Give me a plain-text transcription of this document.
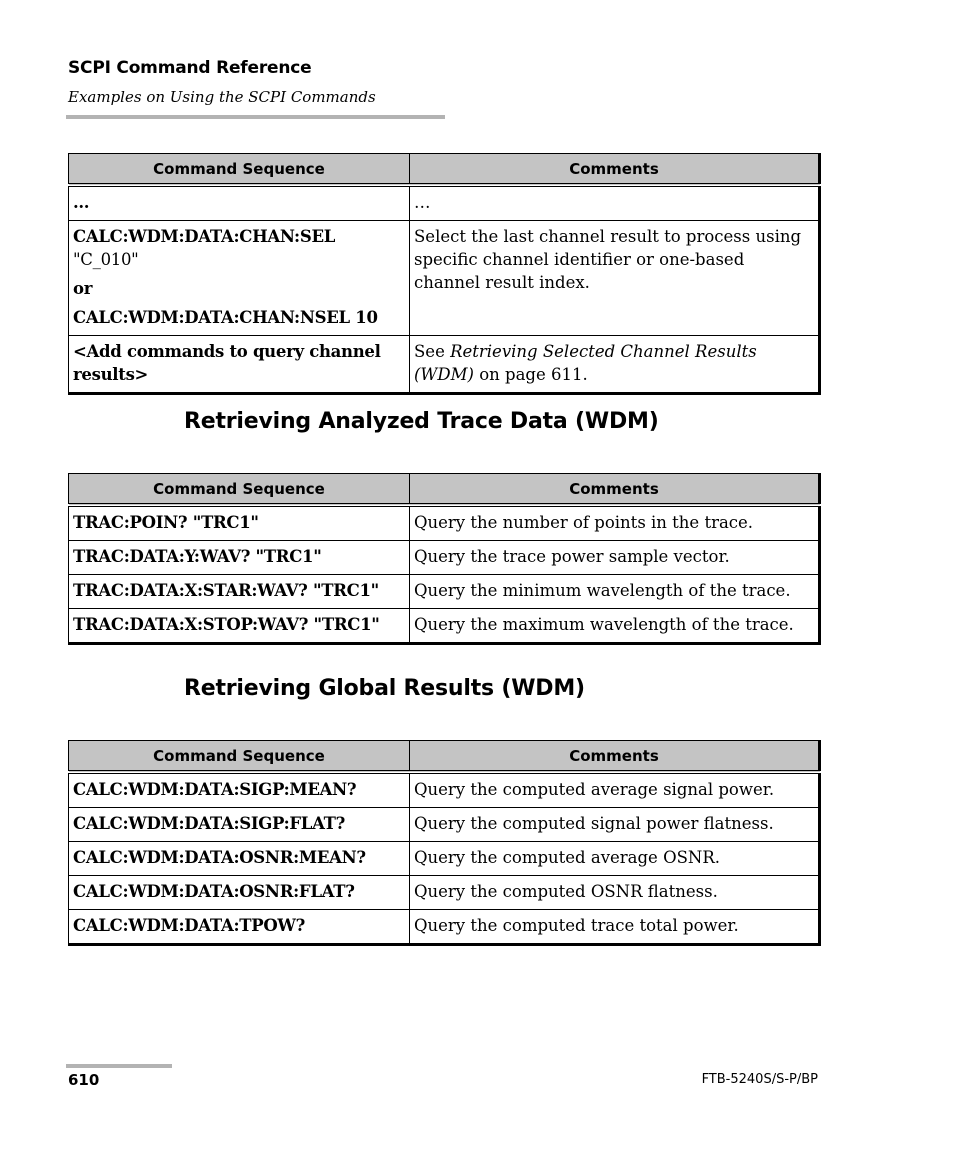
SCPI Command Reference
Examples on Using the SCPI Commands
Command Sequence	Comments
…	…

CALC:WDM:DATA:CHAN:SEL "C_010"
or
CALC:WDM:DATA:CHAN:NSEL 10	Select the last channel result to process using specific channel identifier or one-based channel result index.
<Add commands to query channel results>	See Retrieving Selected Channel Results (WDM) on page 611.
Retrieving Analyzed Trace Data (WDM)
Command Sequence	Comments
TRAC:POIN? "TRC1"	Query the number of points in the trace.
TRAC:DATA:Y:WAV? "TRC1"	Query the trace power sample vector.
TRAC:DATA:X:STAR:WAV? "TRC1"	Query the minimum wavelength of the trace.
TRAC:DATA:X:STOP:WAV? "TRC1"	Query the maximum wavelength of the trace.
Retrieving Global Results (WDM)
Command Sequence	Comments
CALC:WDM:DATA:SIGP:MEAN?	Query the computed average signal power.
CALC:WDM:DATA:SIGP:FLAT?	Query the computed signal power flatness.
CALC:WDM:DATA:OSNR:MEAN?	Query the computed average OSNR.
CALC:WDM:DATA:OSNR:FLAT?	Query the computed OSNR flatness.
CALC:WDM:DATA:TPOW?	Query the computed trace total power.
610	FTB-5240S/S-P/BP
